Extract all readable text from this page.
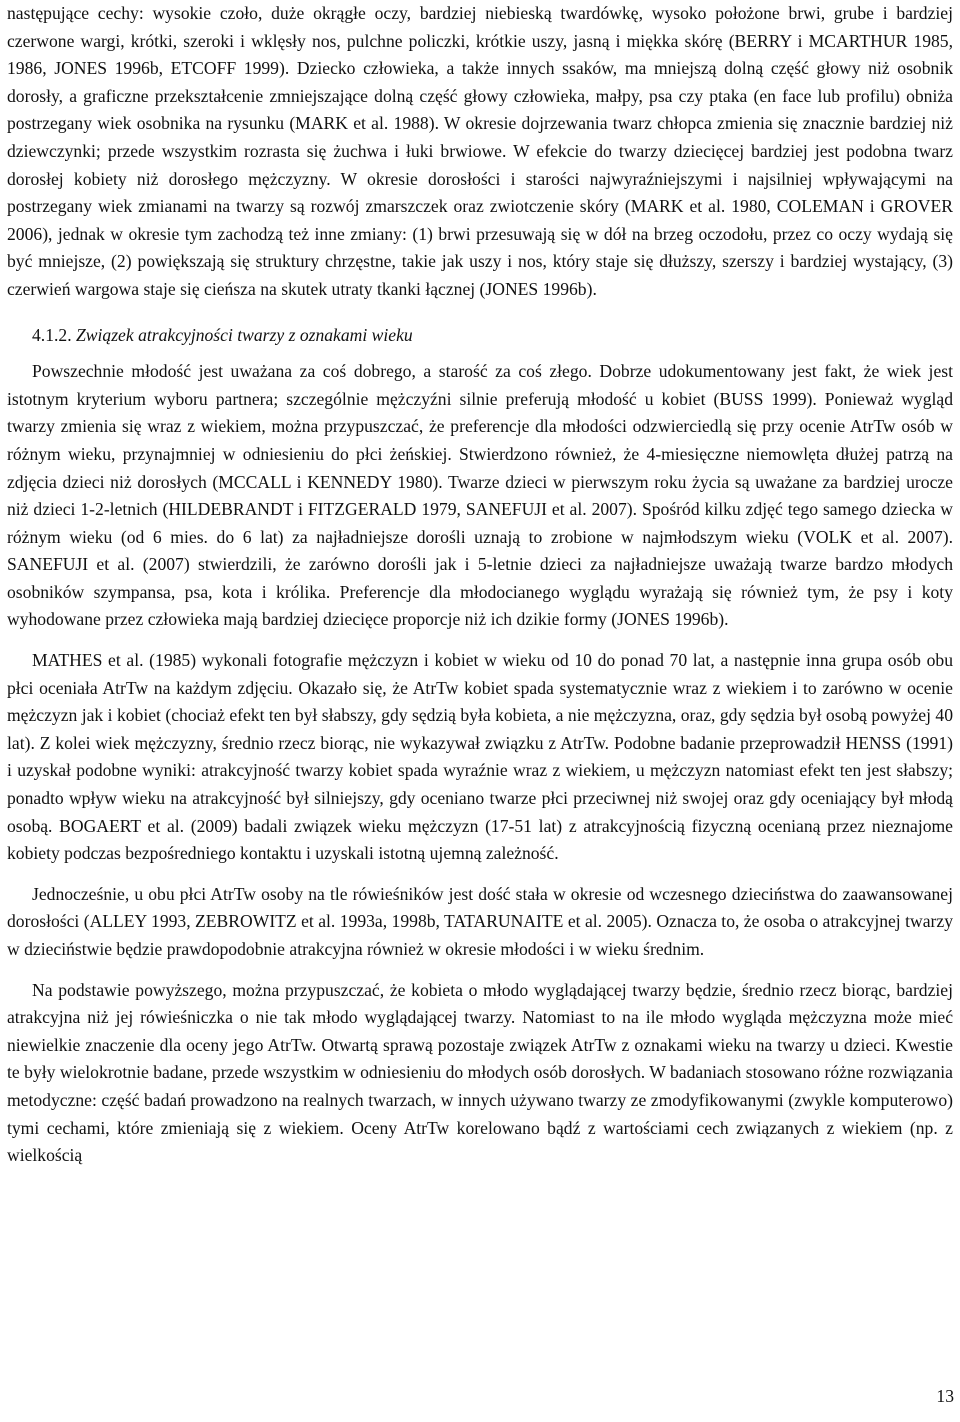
następujące cechy: wysokie czoło, duże okrągłe oczy, bardziej niebieską twardówkę, wysoko położone brwi, grube i bardziej czerwone wargi, krótki, szeroki i wklęsły nos, pulchne policzki, krótkie uszy, jasną i miękka skórę (BERRY i MCARTHUR 1985, 1986, JONES 1996b, ETCOFF 1999). Dziecko człowieka, a także innych ssaków, ma mniejszą dolną część głowy niż osobnik dorosły, a graficzne przekształcenie zmniejszające dolną część głowy człowieka, małpy, psa czy ptaka (en face lub profilu) obniża postrzegany wiek osobnika na rysunku (MARK et al. 1988). W okresie dojrzewania twarz chłopca zmienia się znacznie bardziej niż dziewczynki; przede wszystkim rozrasta się żuchwa i łuki brwiowe. W efekcie do twarzy dziecięcej bardziej jest podobna twarz dorosłej kobiety niż dorosłego mężczyzny. W okresie dorosłości i starości najwyraźniejszymi i najsilniej wpływającymi na postrzegany wiek zmianami na twarzy są rozwój zmarszczek oraz zwiotczenie skóry (MARK et al. 1980, COLEMAN i GROVER 2006), jednak w okresie tym zachodzą też inne zmiany: (1) brwi przesuwają się w dół na brzeg oczodołu, przez co oczy wydają się być mniejsze, (2) powiększają się struktury chrzęstne, takie jak uszy i nos, który staje się dłuższy, szerszy i bardziej wystający, (3) czerwień wargowa staje się cieńsza na skutek utraty tkanki łącznej (JONES 1996b).

4.1.2. Związek atrakcyjności twarzy z oznakami wieku

Powszechnie młodość jest uważana za coś dobrego, a starość za coś złego. Dobrze udokumentowany jest fakt, że wiek jest istotnym kryterium wyboru partnera; szczególnie mężczyźni silnie preferują młodość u kobiet (BUSS 1999). Ponieważ wygląd twarzy zmienia się wraz z wiekiem, można przypuszczać, że preferencje dla młodości odzwierciedlą się przy ocenie AtrTw osób w różnym wieku, przynajmniej w odniesieniu do płci żeńskiej. Stwierdzono również, że 4-miesięczne niemowlęta dłużej patrzą na zdjęcia dzieci niż dorosłych (MCCALL i KENNEDY 1980). Twarze dzieci w pierwszym roku życia są uważane za bardziej urocze niż dzieci 1-2-letnich (HILDEBRANDT i FITZGERALD 1979, SANEFUJI et al. 2007). Spośród kilku zdjęć tego samego dziecka w różnym wieku (od 6 mies. do 6 lat) za najładniejsze dorośli uznają to zrobione w najmłodszym wieku (VOLK et al. 2007). SANEFUJI et al. (2007) stwierdzili, że zarówno dorośli jak i 5-letnie dzieci za najładniejsze uważają twarze bardzo młodych osobników szympansa, psa, kota i królika. Preferencje dla młodocianego wyglądu wyrażają się również tym, że psy i koty wyhodowane przez człowieka mają bardziej dziecięce proporcje niż ich dzikie formy (JONES 1996b).

MATHES et al. (1985) wykonali fotografie mężczyzn i kobiet w wieku od 10 do ponad 70 lat, a następnie inna grupa osób obu płci oceniała AtrTw na każdym zdjęciu. Okazało się, że AtrTw kobiet spada systematycznie wraz z wiekiem i to zarówno w ocenie mężczyzn jak i kobiet (chociaż efekt ten był słabszy, gdy sędzią była kobieta, a nie mężczyzna, oraz, gdy sędzia był osobą powyżej 40 lat). Z kolei wiek mężczyzny, średnio rzecz biorąc, nie wykazywał związku z AtrTw. Podobne badanie przeprowadził HENSS (1991) i uzyskał podobne wyniki: atrakcyjność twarzy kobiet spada wyraźnie wraz z wiekiem, u mężczyzn natomiast efekt ten jest słabszy; ponadto wpływ wieku na atrakcyjność był silniejszy, gdy oceniano twarze płci przeciwnej niż swojej oraz gdy oceniający był młodą osobą. BOGAERT et al. (2009) badali związek wieku mężczyzn (17-51 lat) z atrakcyjnością fizyczną ocenianą przez nieznajome kobiety podczas bezpośredniego kontaktu i uzyskali istotną ujemną zależność.

Jednocześnie, u obu płci AtrTw osoby na tle rówieśników jest dość stała w okresie od wczesnego dzieciństwa do zaawansowanej dorosłości (ALLEY 1993, ZEBROWITZ et al. 1993a, 1998b, TATARUNAITE et al. 2005). Oznacza to, że osoba o atrakcyjnej twarzy w dzieciństwie będzie prawdopodobnie atrakcyjna również w okresie młodości i w wieku średnim.

Na podstawie powyższego, można przypuszczać, że kobieta o młodo wyglądającej twarzy będzie, średnio rzecz biorąc, bardziej atrakcyjna niż jej rówieśniczka o nie tak młodo wyglądającej twarzy. Natomiast to na ile młodo wygląda mężczyzna może mieć niewielkie znaczenie dla oceny jego AtrTw. Otwartą sprawą pozostaje związek AtrTw z oznakami wieku na twarzy u dzieci. Kwestie te były wielokrotnie badane, przede wszystkim w odniesieniu do młodych osób dorosłych. W badaniach stosowano różne rozwiązania metodyczne: część badań prowadzono na realnych twarzach, w innych używano twarzy ze zmodyfikowanymi (zwykle komputerowo) tymi cechami, które zmieniają się z wiekiem. Oceny AtrTw korelowano bądź z wartościami cech związanych z wiekiem (np. z wielkością

13
